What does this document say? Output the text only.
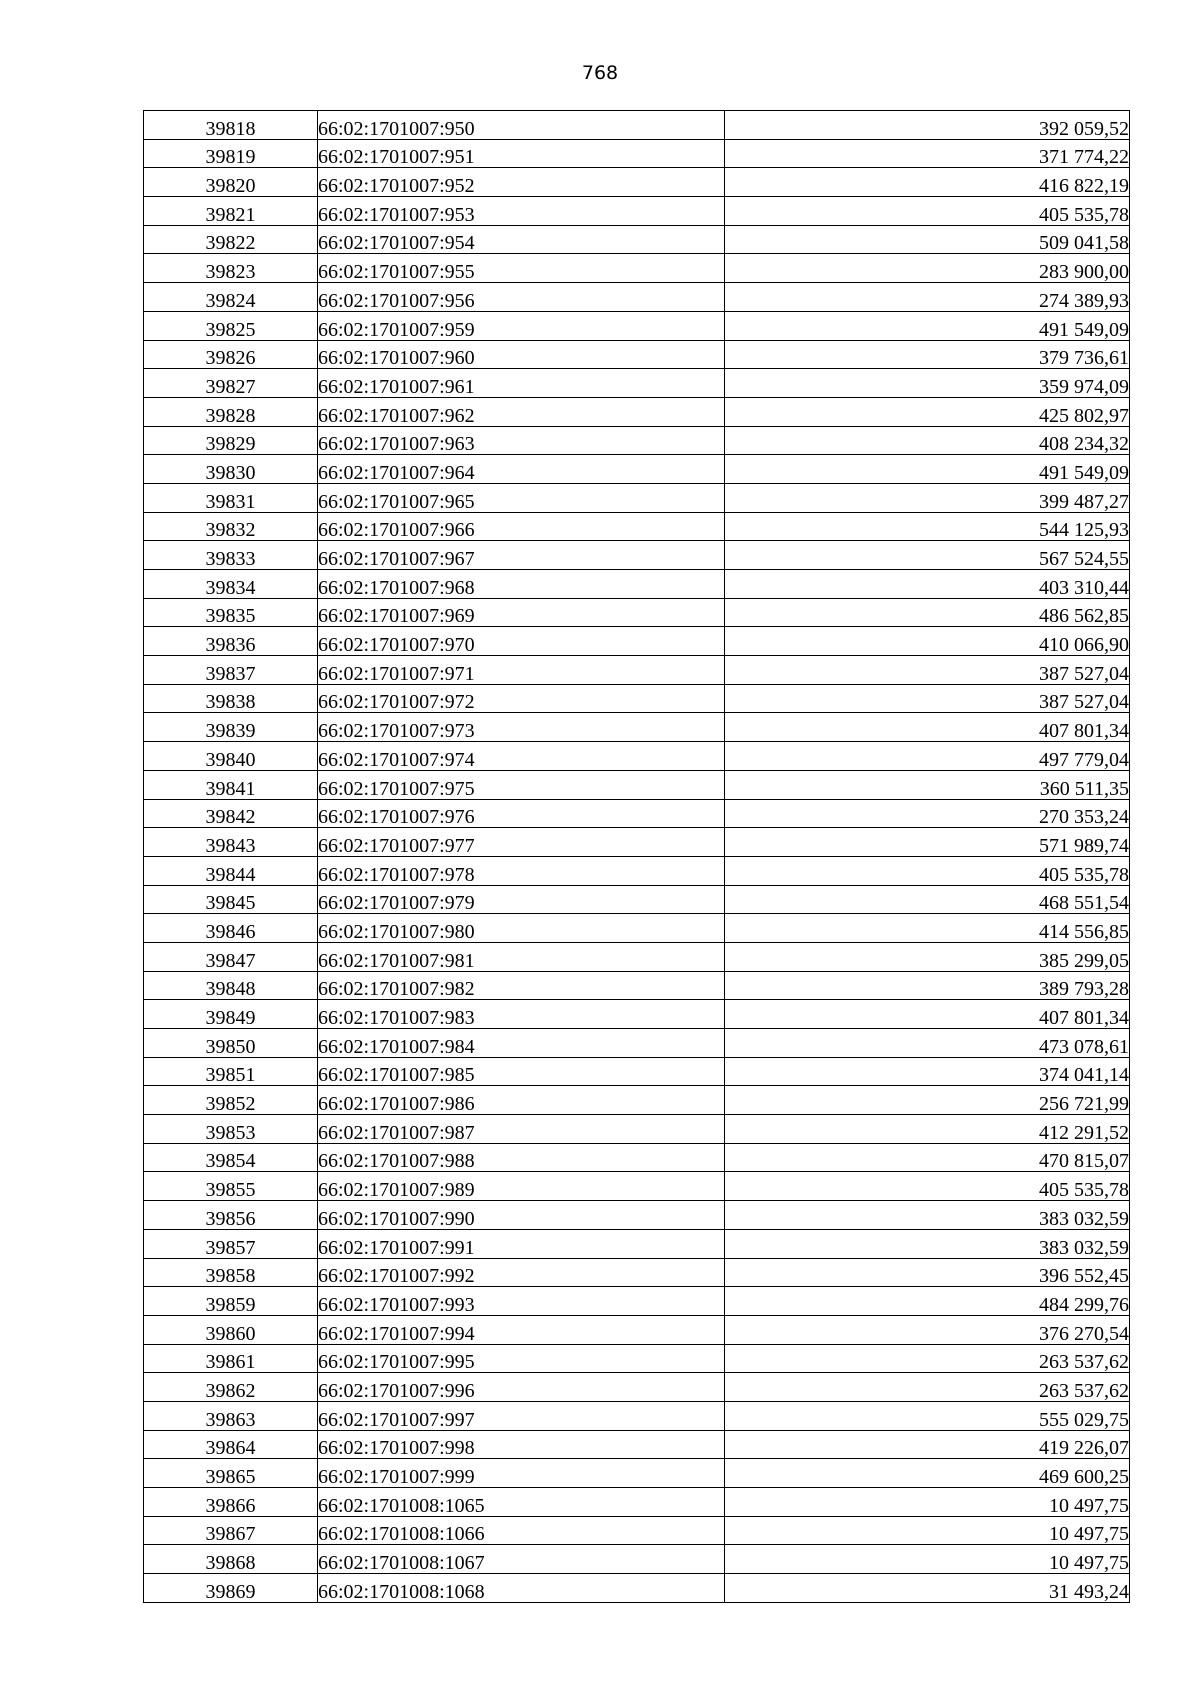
768
39818	66:02:1701007:950	392 059,52
39819	66:02:1701007:951	371 774,22
39820	66:02:1701007:952	416 822,19
39821	66:02:1701007:953	405 535,78
39822	66:02:1701007:954	509 041,58
39823	66:02:1701007:955	283 900,00
39824	66:02:1701007:956	274 389,93
39825	66:02:1701007:959	491 549,09
39826	66:02:1701007:960	379 736,61
39827	66:02:1701007:961	359 974,09
39828	66:02:1701007:962	425 802,97
39829	66:02:1701007:963	408 234,32
39830	66:02:1701007:964	491 549,09
39831	66:02:1701007:965	399 487,27
39832	66:02:1701007:966	544 125,93
39833	66:02:1701007:967	567 524,55
39834	66:02:1701007:968	403 310,44
39835	66:02:1701007:969	486 562,85
39836	66:02:1701007:970	410 066,90
39837	66:02:1701007:971	387 527,04
39838	66:02:1701007:972	387 527,04
39839	66:02:1701007:973	407 801,34
39840	66:02:1701007:974	497 779,04
39841	66:02:1701007:975	360 511,35
39842	66:02:1701007:976	270 353,24
39843	66:02:1701007:977	571 989,74
39844	66:02:1701007:978	405 535,78
39845	66:02:1701007:979	468 551,54
39846	66:02:1701007:980	414 556,85
39847	66:02:1701007:981	385 299,05
39848	66:02:1701007:982	389 793,28
39849	66:02:1701007:983	407 801,34
39850	66:02:1701007:984	473 078,61
39851	66:02:1701007:985	374 041,14
39852	66:02:1701007:986	256 721,99
39853	66:02:1701007:987	412 291,52
39854	66:02:1701007:988	470 815,07
39855	66:02:1701007:989	405 535,78
39856	66:02:1701007:990	383 032,59
39857	66:02:1701007:991	383 032,59
39858	66:02:1701007:992	396 552,45
39859	66:02:1701007:993	484 299,76
39860	66:02:1701007:994	376 270,54
39861	66:02:1701007:995	263 537,62
39862	66:02:1701007:996	263 537,62
39863	66:02:1701007:997	555 029,75
39864	66:02:1701007:998	419 226,07
39865	66:02:1701007:999	469 600,25
39866	66:02:1701008:1065	10 497,75
39867	66:02:1701008:1066	10 497,75
39868	66:02:1701008:1067	10 497,75
39869	66:02:1701008:1068	31 493,24
